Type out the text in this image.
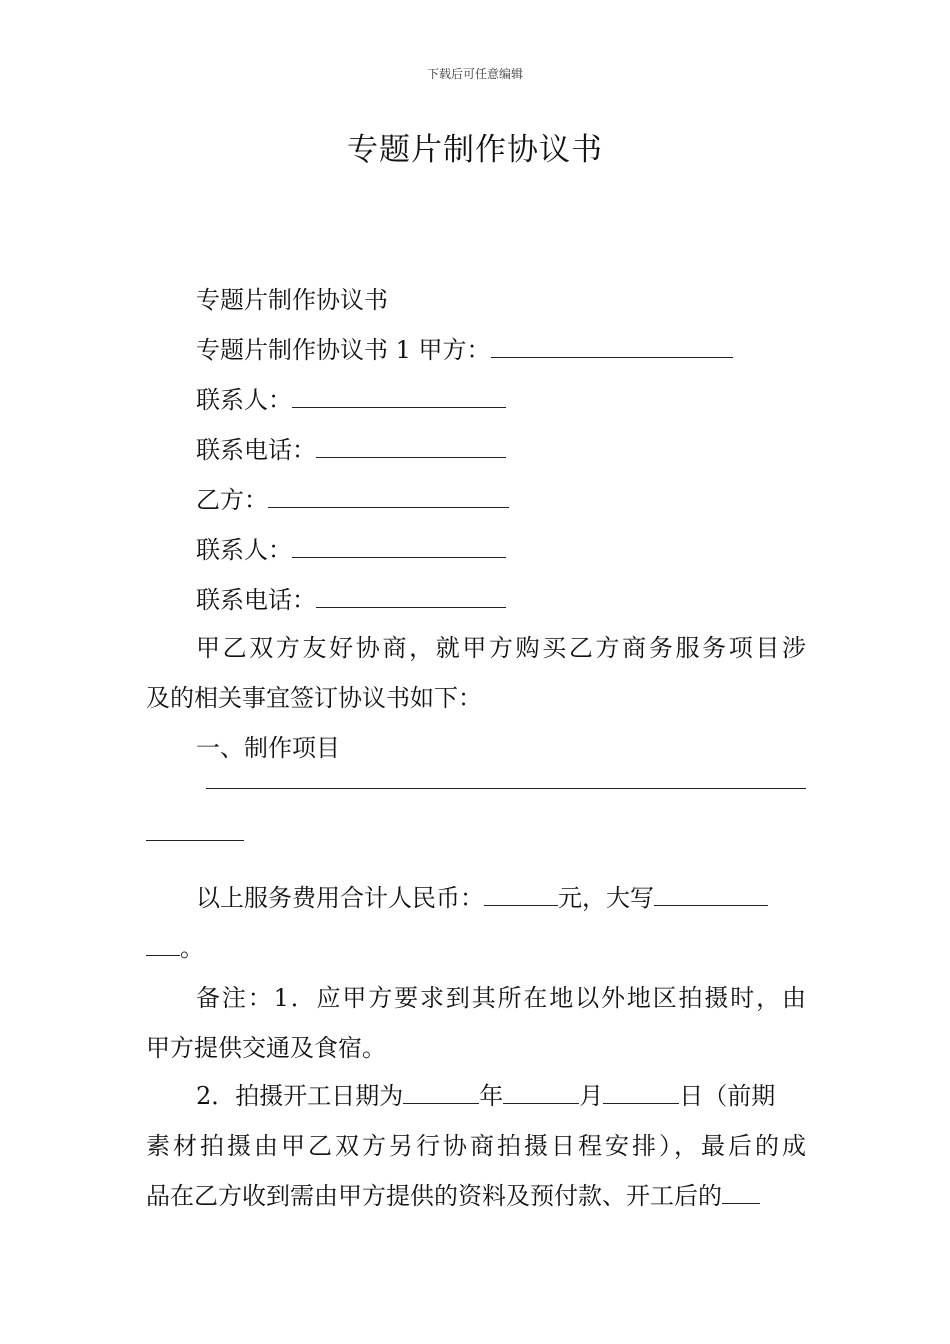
下载后可任意编辑
专题片制作协议书
专题片制作协议书
专题片制作协议书 1 甲方：
联系人：
联系电话：
乙方：
联系人：
联系电话：
甲乙双方友好协商，就甲方购买乙方商务服务项目涉
及的相关事宜签订协议书如下：
一、制作项目
以上服务费用合计人民币：	元，大写
。
备注：1．应甲方要求到其所在地以外地区拍摄时，由
甲方提供交通及食宿。
2．拍摄开工日期为	年	月	日（前期
素材拍摄由甲乙双方另行协商拍摄日程安排），最后的成
品在乙方收到需由甲方提供的资料及预付款、开工后的
